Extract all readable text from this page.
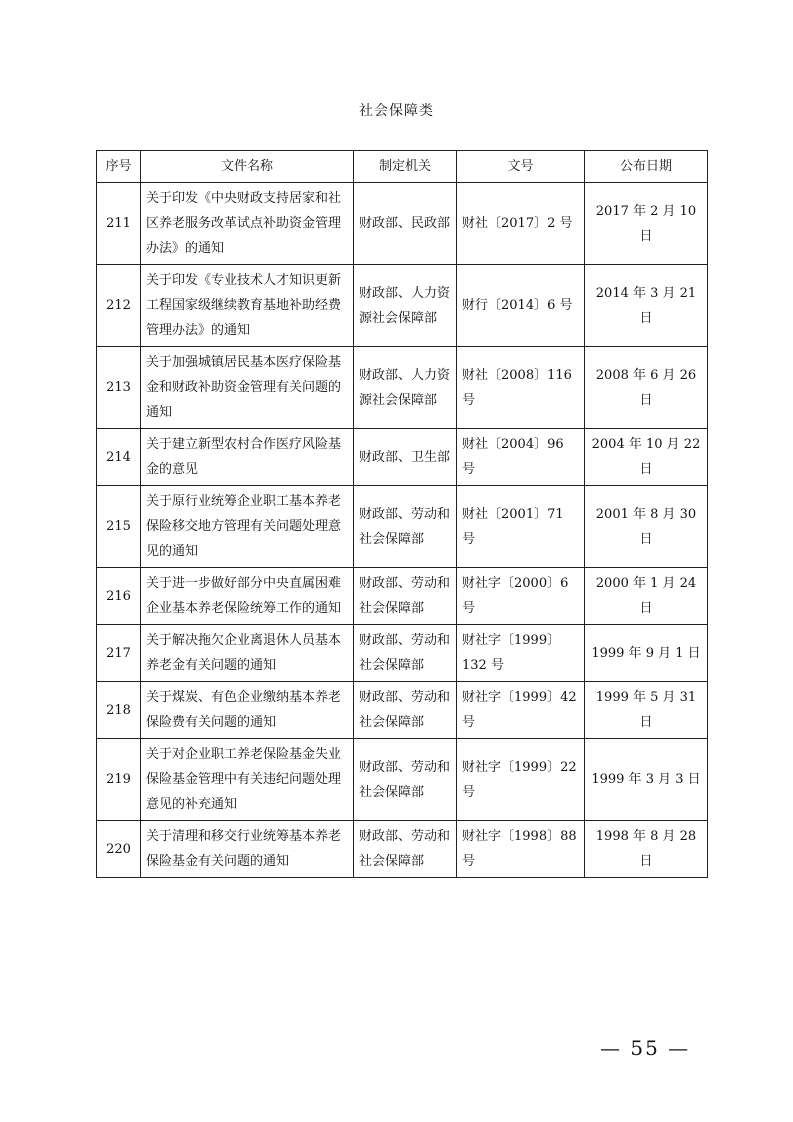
社会保障类
序号	文件名称	制定机关	文号	公布日期
211	关于印发《中央财政支持居家和社区养老服务改革试点补助资金管理办法》的通知	财政部、民政部	财社〔2017〕2 号	2017 年 2 月 10 日
212	关于印发《专业技术人才知识更新工程国家级继续教育基地补助经费管理办法》的通知	财政部、人力资源社会保障部	财行〔2014〕6 号	2014 年 3 月 21 日
213	关于加强城镇居民基本医疗保险基金和财政补助资金管理有关问题的通知	财政部、人力资源社会保障部	财社〔2008〕116 号	2008 年 6 月 26 日
214	关于建立新型农村合作医疗风险基金的意见	财政部、卫生部	财社〔2004〕96 号	2004 年 10 月 22 日
215	关于原行业统筹企业职工基本养老保险移交地方管理有关问题处理意见的通知	财政部、劳动和社会保障部	财社〔2001〕71 号	2001 年 8 月 30 日
216	关于进一步做好部分中央直属困难企业基本养老保险统筹工作的通知	财政部、劳动和社会保障部	财社字〔2000〕6 号	2000 年 1 月 24 日
217	关于解决拖欠企业离退休人员基本养老金有关问题的通知	财政部、劳动和社会保障部	财社字〔1999〕132 号	1999 年 9 月 1 日
218	关于煤炭、有色企业缴纳基本养老保险费有关问题的通知	财政部、劳动和社会保障部	财社字〔1999〕42 号	1999 年 5 月 31 日
219	关于对企业职工养老保险基金失业保险基金管理中有关违纪问题处理意见的补充通知	财政部、劳动和社会保障部	财社字〔1999〕22 号	1999 年 3 月 3 日
220	关于清理和移交行业统筹基本养老保险基金有关问题的通知	财政部、劳动和社会保障部	财社字〔1998〕88 号	1998 年 8 月 28 日
— 55 —
